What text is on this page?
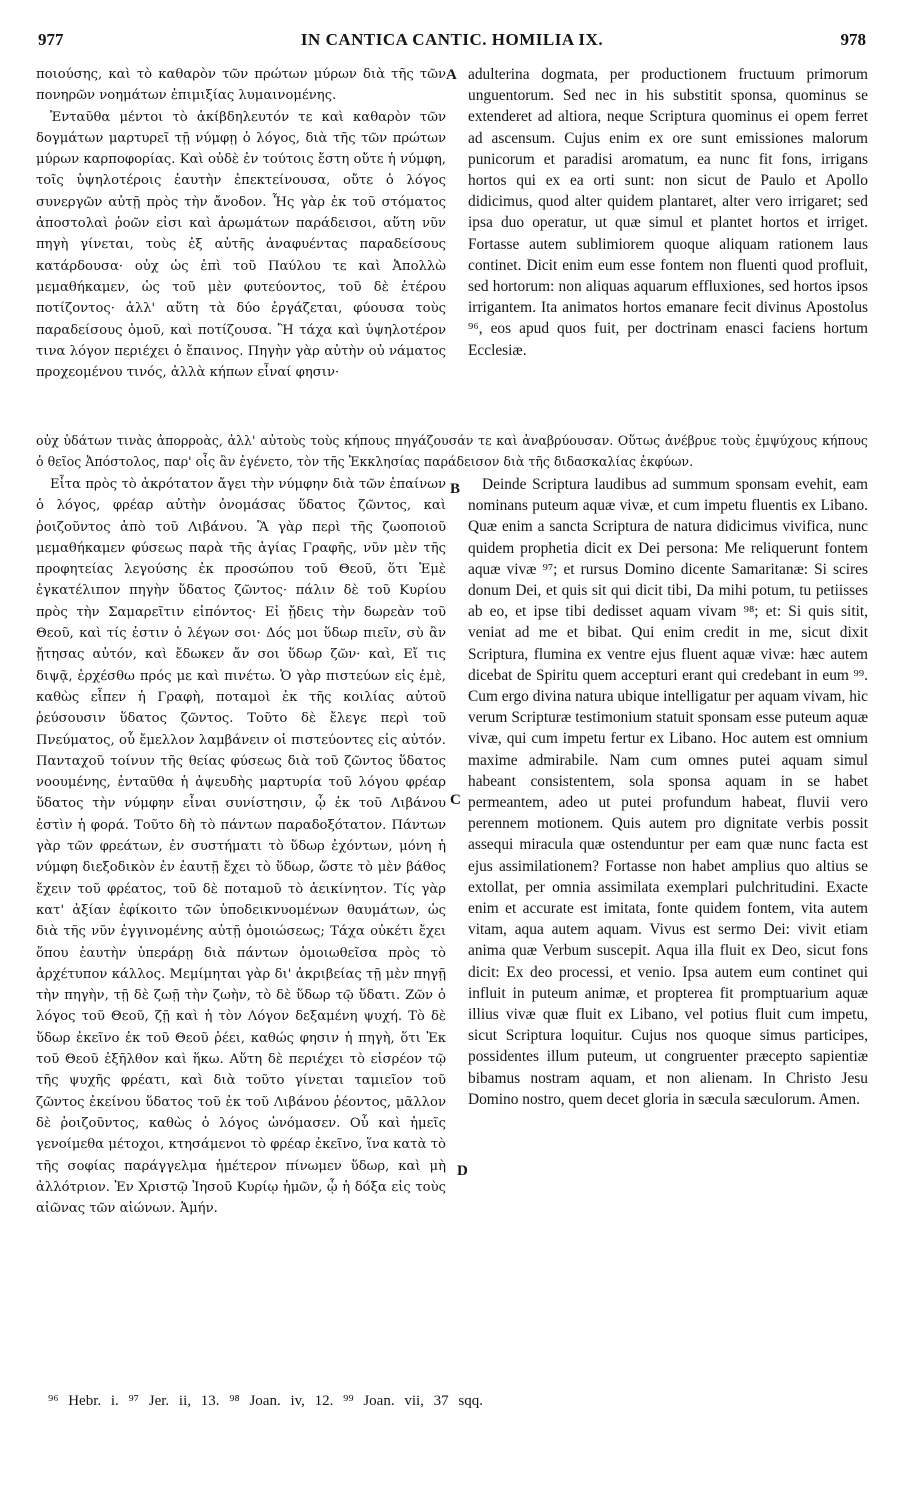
977	IN CANTICA CANTIC. HOMILIA IX.	978

ποιούσης, καὶ τὸ καθαρὸν τῶν πρώτων μύρων διὰ τῆς τῶν πονηρῶν νοημάτων ἐπιμιξίας λυμαινομένης.

Ἐνταῦθα μέντοι τὸ ἀκίβδηλευτόν τε καὶ καθαρὸν τῶν δογμάτων μαρτυρεῖ τῇ νύμφῃ ὁ λόγος, διὰ τῆς τῶν πρώτων μύρων καρποφορίας. Καὶ οὐδὲ ἐν τούτοις ἔστη οὔτε ἡ νύμφη, τοῖς ὑψηλοτέροις ἑαυτὴν ἐπεκτείνουσα, οὔτε ὁ λόγος συνεργῶν αὐτῇ πρὸς τὴν ἄνοδον. Ἧς γὰρ ἐκ τοῦ στόματος ἀποστολαὶ ῥοῶν εἰσι καὶ ἀρωμάτων παράδεισοι, αὕτη νῦν πηγὴ γίνεται, τοὺς ἐξ αὐτῆς ἀναφυέντας παραδείσους κατάρδουσα· οὐχ ὡς ἐπὶ τοῦ Παύλου τε καὶ Ἀπολλὼ μεμαθήκαμεν, ὡς τοῦ μὲν φυτεύοντος, τοῦ δὲ ἑτέρου ποτίζοντος· ἀλλ' αὕτη τὰ δύο ἐργάζεται, φύουσα τοὺς παραδείσους ὁμοῦ, καὶ ποτίζουσα. Ἢ τάχα καὶ ὑψηλοτέρον τινα λόγον περιέχει ὁ ἔπαινος. Πηγὴν γὰρ αὐτὴν οὐ νάματος προχεομένου τινός, ἀλλὰ κήπων εἶναί φησιν·

A adulterina dogmata, per productionem fructuum primorum unguentorum. Sed nec in his substitit sponsa, quominus se extenderet ad altiora, neque Scriptura quominus ei opem ferret ad ascensum. Cujus enim ex ore sunt emissiones malorum punicorum et paradisi aromatum, ea nunc fit fons, irrigans hortos qui ex ea orti sunt: non sicut de Paulo et Apollo didicimus, quod alter quidem plantaret, alter vero irrigaret; sed ipsa duo operatur, ut quæ simul et plantet hortos et irriget. Fortasse autem sublimiorem quoque aliquam rationem laus continet. Dicit enim eum esse fontem non fluenti quod profluit, sed hortorum: non aliquas aquarum effluxiones, sed hortos ipsos irrigantem. Ita animatos hortos emanare fecit divinus Apostolus ⁹⁶, eos apud quos fuit, per doctrinam enasci faciens hortum Ecclesiæ.

οὐχ ὑδάτων τινὰς ἀπορροὰς, ἀλλ' αὐτοὺς τοὺς κήπους πηγάζουσάν τε καὶ ἀναβρύουσαν. Οὕτως ἀνέβρυε τοὺς ἐμψύχους κήπους ὁ θεῖος Ἀπόστολος, παρ' οἷς ἂν ἐγένετο, τὸν τῆς Ἐκκλησίας παράδεισον διὰ τῆς διδασκαλίας ἐκφύων.

Εἶτα πρὸς τὸ ἀκρότατον ἄγει τὴν νύμφην διὰ τῶν ἐπαίνων ὁ λόγος, φρέαρ αὐτὴν ὀνομάσας ὕδατος ζῶντος, καὶ ῥοιζοῦντος ἀπὸ τοῦ Λιβάνου. Ἃ γὰρ περὶ τῆς ζωοποιοῦ μεμαθήκαμεν φύσεως παρὰ τῆς ἁγίας Γραφῆς, νῦν μὲν τῆς προφητείας λεγούσης ἐκ προσώπου τοῦ Θεοῦ, ὅτι Ἐμὲ ἐγκατέλιπον πηγὴν ὕδατος ζῶντος· πάλιν δὲ τοῦ Κυρίου πρὸς τὴν Σαμαρεῖτιν εἰπόντος· Εἰ ᾔδεις τὴν δωρεὰν τοῦ Θεοῦ, καὶ τίς ἐστιν ὁ λέγων σοι· Δός μοι ὕδωρ πιεῖν, σὺ ἂν ᾔτησας αὐτόν, καὶ ἔδωκεν ἄν σοι ὕδωρ ζῶν· καὶ, Εἴ τις διψᾷ, ἐρχέσθω πρός με καὶ πινέτω. Ὁ γὰρ πιστεύων εἰς ἐμὲ, καθὼς εἶπεν ἡ Γραφὴ, ποταμοὶ ἐκ τῆς κοιλίας αὐτοῦ ῥεύσουσιν ὕδατος ζῶντος. Τοῦτο δὲ ἔλεγε περὶ τοῦ Πνεύματος, οὗ ἔμελλον λαμβάνειν οἱ πιστεύοντες εἰς αὐτόν. Πανταχοῦ τοίνυν τῆς θείας φύσεως διὰ τοῦ ζῶντος ὕδατος νοουμένης, ἐνταῦθα ἡ ἀψευδὴς μαρτυρία τοῦ λόγου φρέαρ ὕδατος τὴν νύμφην εἶναι συνίστησιν, ᾧ ἐκ τοῦ Λιβάνου ἐστὶν ἡ φορά. Τοῦτο δὴ τὸ πάντων παραδοξότατον. Πάντων γὰρ τῶν φρεάτων, ἐν συστήματι τὸ ὕδωρ ἐχόντων, μόνη ἡ νύμφη διεξοδικὸν ἐν ἑαυτῇ ἔχει τὸ ὕδωρ, ὥστε τὸ μὲν βάθος ἔχειν τοῦ φρέατος, τοῦ δὲ ποταμοῦ τὸ ἀεικίνητον. Τίς γὰρ κατ' ἀξίαν ἐφίκοιτο τῶν ὑποδεικνυομένων θαυμάτων, ὡς διὰ τῆς νῦν ἐγγινομένης αὐτῇ ὁμοιώσεως; Τάχα οὐκέτι ἔχει ὅπου ἑαυτὴν ὑπεράρῃ διὰ πάντων ὁμοιωθεῖσα πρὸς τὸ ἀρχέτυπον κάλλος. Μεμίμηται γὰρ δι' ἀκριβείας τῇ μὲν πηγῇ τὴν πηγὴν, τῇ δὲ ζωῇ τὴν ζωὴν, τὸ δὲ ὕδωρ τῷ ὕδατι. Ζῶν ὁ λόγος τοῦ Θεοῦ, ζῇ καὶ ἡ τὸν Λόγον δεξαμένη ψυχή. Τὸ δὲ ὕδωρ ἐκεῖνο ἐκ τοῦ Θεοῦ ῥέει, καθώς φησιν ἡ πηγὴ, ὅτι Ἐκ τοῦ Θεοῦ ἐξῆλθον καὶ ἥκω. Αὕτη δὲ περιέχει τὸ εἰσρέον τῷ τῆς ψυχῆς φρέατι, καὶ διὰ τοῦτο γίνεται ταμιεῖον τοῦ ζῶντος ἐκείνου ὕδατος τοῦ ἐκ τοῦ Λιβάνου ῥέοντος, μᾶλλον δὲ ῥοιζοῦντος, καθὼς ὁ λόγος ὠνόμασεν. Οὗ καὶ ἡμεῖς γενοίμεθα μέτοχοι, κτησάμενοι τὸ φρέαρ ἐκεῖνο, ἵνα κατὰ τὸ τῆς σοφίας παράγγελμα ἡμέτερον πίνωμεν ὕδωρ, καὶ μὴ ἀλλότριον. Ἐν Χριστῷ Ἰησοῦ Κυρίῳ ἡμῶν, ᾧ ἡ δόξα εἰς τοὺς αἰῶνας τῶν αἰώνων. Ἀμήν.

B
C
D

Deinde Scriptura laudibus ad summum sponsam evehit, eam nominans puteum aquæ vivæ, et cum impetu fluentis ex Libano. Quæ enim a sancta Scriptura de natura didicimus vivifica, nunc quidem prophetia dicit ex Dei persona: Me reliquerunt fontem aquæ vivæ ⁹⁷; et rursus Domino dicente Samaritanæ: Si scires donum Dei, et quis sit qui dicit tibi, Da mihi potum, tu petiisses ab eo, et ipse tibi dedisset aquam vivam ⁹⁸; et: Si quis sitit, veniat ad me et bibat. Qui enim credit in me, sicut dixit Scriptura, flumina ex ventre ejus fluent aquæ vivæ: hæc autem dicebat de Spiritu quem accepturi erant qui credebant in eum ⁹⁹. Cum ergo divina natura ubique intelligatur per aquam vivam, hic verum Scripturæ testimonium statuit sponsam esse puteum aquæ vivæ, qui cum impetu fertur ex Libano. Hoc autem est omnium maxime admirabile. Nam cum omnes putei aquam simul habeant consistentem, sola sponsa aquam in se habet permeantem, adeo ut putei profundum habeat, fluvii vero perennem motionem. Quis autem pro dignitate verbis possit assequi miracula quæ ostenduntur per eam quæ nunc facta est ejus assimilationem? Fortasse non habet amplius quo altius se extollat, per omnia assimilata exemplari pulchritudini. Exacte enim et accurate est imitata, fonte quidem fontem, vita autem vitam, aqua autem aquam. Vivus est sermo Dei: vivit etiam anima quæ Verbum suscepit. Aqua illa fluit ex Deo, sicut fons dicit: Ex deo processi, et venio. Ipsa autem eum continet qui influit in puteum animæ, et propterea fit promptuarium aquæ illius vivæ quæ fluit ex Libano, vel potius fluit cum impetu, sicut Scriptura loquitur. Cujus nos quoque simus participes, possidentes illum puteum, ut congruenter præcepto sapientiæ bibamus nostram aquam, et non alienam. In Christo Jesu Domino nostro, quem decet gloria in sæcula sæculorum. Amen.

⁹⁶ Hebr. i. ⁹⁷ Jer. ii, 13. ⁹⁸ Joan. iv, 12. ⁹⁹ Joan. vii, 37 sqq.
